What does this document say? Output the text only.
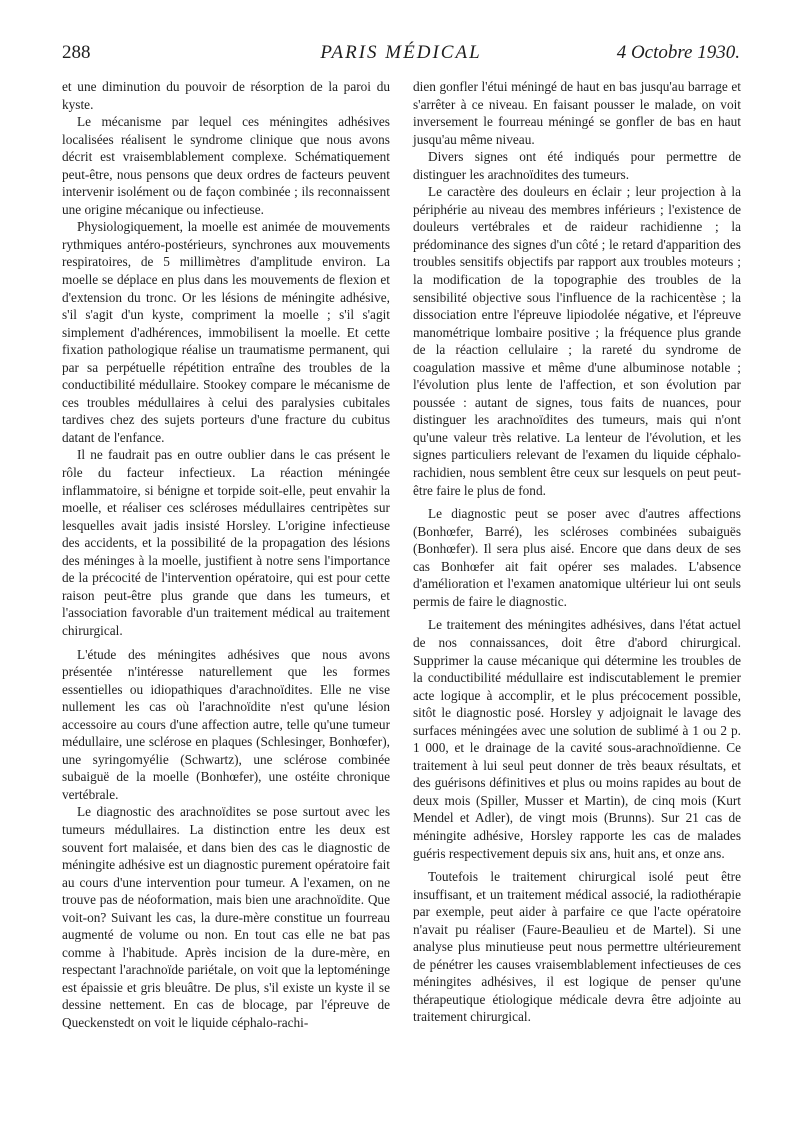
288	PARIS MÉDICAL	4 Octobre 1930.

et une diminution du pouvoir de résorption de la paroi du kyste.

Le mécanisme par lequel ces méningites adhésives localisées réalisent le syndrome clinique que nous avons décrit est vraisemblablement complexe. Schématiquement peut-être, nous pensons que deux ordres de facteurs peuvent intervenir isolément ou de façon combinée ; ils reconnaissent une origine mécanique ou infectieuse.

Physiologiquement, la moelle est animée de mouvements rythmiques antéro-postérieurs, synchrones aux mouvements respiratoires, de 5 millimètres d'amplitude environ. La moelle se déplace en plus dans les mouvements de flexion et d'extension du tronc. Or les lésions de méningite adhésive, s'il s'agit d'un kyste, compriment la moelle ; s'il s'agit simplement d'adhérences, immobilisent la moelle. Et cette fixation pathologique réalise un traumatisme permanent, qui par sa perpétuelle répétition entraîne des troubles de la conductibilité médullaire. Stookey compare le mécanisme de ces troubles médullaires à celui des paralysies cubitales tardives chez des sujets porteurs d'une fracture du cubitus datant de l'enfance.

Il ne faudrait pas en outre oublier dans le cas présent le rôle du facteur infectieux. La réaction méningée inflammatoire, si bénigne et torpide soit-elle, peut envahir la moelle, et réaliser ces scléroses médullaires centripètes sur lesquelles avait jadis insisté Horsley. L'origine infectieuse des accidents, et la possibilité de la propagation des lésions des méninges à la moelle, justifient à notre sens l'importance de la précocité de l'intervention opératoire, qui est pour cette raison peut-être plus grande que dans les tumeurs, et l'association favorable d'un traitement médical au traitement chirurgical.

L'étude des méningites adhésives que nous avons présentée n'intéresse naturellement que les formes essentielles ou idiopathiques d'arachnoïdites. Elle ne vise nullement les cas où l'arachnoïdite n'est qu'une lésion accessoire au cours d'une affection autre, telle qu'une tumeur médullaire, une sclérose en plaques (Schlesinger, Bonhœfer), une syringomyélie (Schwartz), une sclérose combinée subaiguë de la moelle (Bonhœfer), une ostéite chronique vertébrale.

Le diagnostic des arachnoïdites se pose surtout avec les tumeurs médullaires. La distinction entre les deux est souvent fort malaisée, et dans bien des cas le diagnostic de méningite adhésive est un diagnostic purement opératoire fait au cours d'une intervention pour tumeur. A l'examen, on ne trouve pas de néoformation, mais bien une arachnoïdite. Que voit-on? Suivant les cas, la dure-mère constitue un fourreau augmenté de volume ou non. En tout cas elle ne bat pas comme à l'habitude. Après incision de la dure-mère, en respectant l'arachnoïde pariétale, on voit que la leptoméninge est épaissie et gris bleuâtre. De plus, s'il existe un kyste il se dessine nettement. En cas de blocage, par l'épreuve de Queckenstedt on voit le liquide céphalo-rachi-

dien gonfler l'étui méningé de haut en bas jusqu'au barrage et s'arrêter à ce niveau. En faisant pousser le malade, on voit inversement le fourreau méningé se gonfler de bas en haut jusqu'au même niveau.

Divers signes ont été indiqués pour permettre de distinguer les arachnoïdites des tumeurs.

Le caractère des douleurs en éclair ; leur projection à la périphérie au niveau des membres inférieurs ; l'existence de douleurs vertébrales et de raideur rachidienne ; la prédominance des signes d'un côté ; le retard d'apparition des troubles sensitifs objectifs par rapport aux troubles moteurs ; la modification de la topographie des troubles de la sensibilité objective sous l'influence de la rachicentèse ; la dissociation entre l'épreuve lipiodolée négative, et l'épreuve manométrique lombaire positive ; la fréquence plus grande de la réaction cellulaire ; la rareté du syndrome de coagulation massive et même d'une albuminose notable ; l'évolution plus lente de l'affection, et son évolution par poussée : autant de signes, tous faits de nuances, pour distinguer les arachnoïdites des tumeurs, mais qui n'ont qu'une valeur très relative. La lenteur de l'évolution, et les signes particuliers relevant de l'examen du liquide céphalo-rachidien, nous semblent être ceux sur lesquels on peut peut-être faire le plus de fond.

Le diagnostic peut se poser avec d'autres affections (Bonhœfer, Barré), les scléroses combinées subaiguës (Bonhœfer). Il sera plus aisé. Encore que dans deux de ses cas Bonhœfer ait fait opérer ses malades. L'absence d'amélioration et l'examen anatomique ultérieur lui ont seuls permis de faire le diagnostic.

Le traitement des méningites adhésives, dans l'état actuel de nos connaissances, doit être d'abord chirurgical. Supprimer la cause mécanique qui détermine les troubles de la conductibilité médullaire est indiscutablement le premier acte logique à accomplir, et le plus précocement possible, sitôt le diagnostic posé. Horsley y adjoignait le lavage des surfaces méningées avec une solution de sublimé à 1 ou 2 p. 1 000, et le drainage de la cavité sous-arachnoïdienne. Ce traitement à lui seul peut donner de très beaux résultats, et des guérisons définitives et plus ou moins rapides au bout de deux mois (Spiller, Musser et Martin), de cinq mois (Kurt Mendel et Adler), de vingt mois (Brunns). Sur 21 cas de méningite adhésive, Horsley rapporte les cas de malades guéris respectivement depuis six ans, huit ans, et onze ans.

Toutefois le traitement chirurgical isolé peut être insuffisant, et un traitement médical associé, la radiothérapie par exemple, peut aider à parfaire ce que l'acte opératoire n'avait pu réaliser (Faure-Beaulieu et de Martel). Si une analyse plus minutieuse peut nous permettre ultérieurement de pénétrer les causes vraisemblablement infectieuses de ces méningites adhésives, il est logique de penser qu'une thérapeutique étiologique médicale devra être adjointe au traitement chirurgical.
